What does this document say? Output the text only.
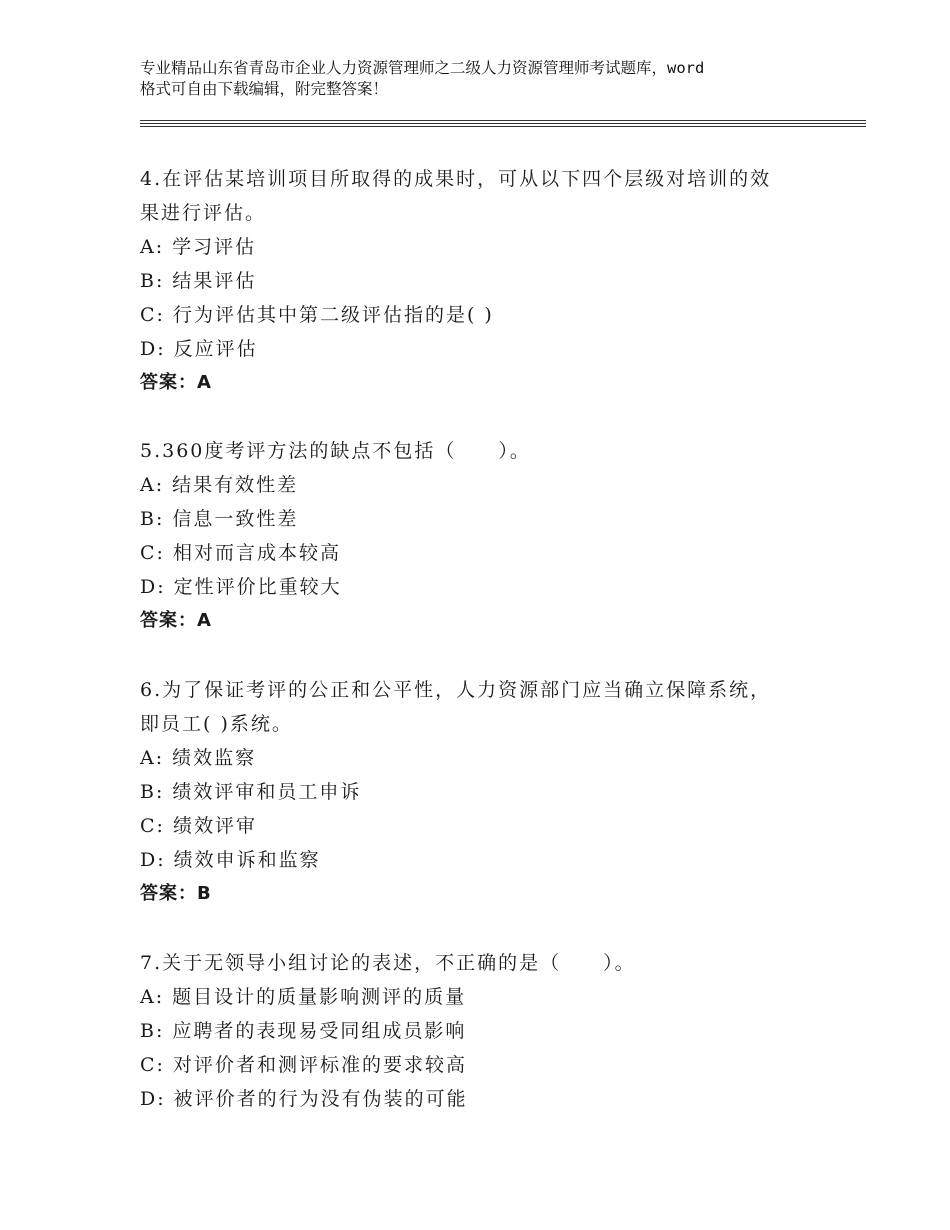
专业精品山东省青岛市企业人力资源管理师之二级人力资源管理师考试题库，word
格式可自由下载编辑，附完整答案！
4.在评估某培训项目所取得的成果时，可从以下四个层级对培训的效
果进行评估。
A: 学习评估
B: 结果评估
C: 行为评估其中第二级评估指的是( )
D: 反应评估
答案：A
5.360度考评方法的缺点不包括（　　）。
A: 结果有效性差
B: 信息一致性差
C: 相对而言成本较高
D: 定性评价比重较大
答案：A
6.为了保证考评的公正和公平性，人力资源部门应当确立保障系统，
即员工( )系统。
A: 绩效监察
B: 绩效评审和员工申诉
C: 绩效评审
D: 绩效申诉和监察
答案：B
7.关于无领导小组讨论的表述，不正确的是（　　）。
A: 题目设计的质量影响测评的质量
B: 应聘者的表现易受同组成员影响
C: 对评价者和测评标准的要求较高
D: 被评价者的行为没有伪装的可能
